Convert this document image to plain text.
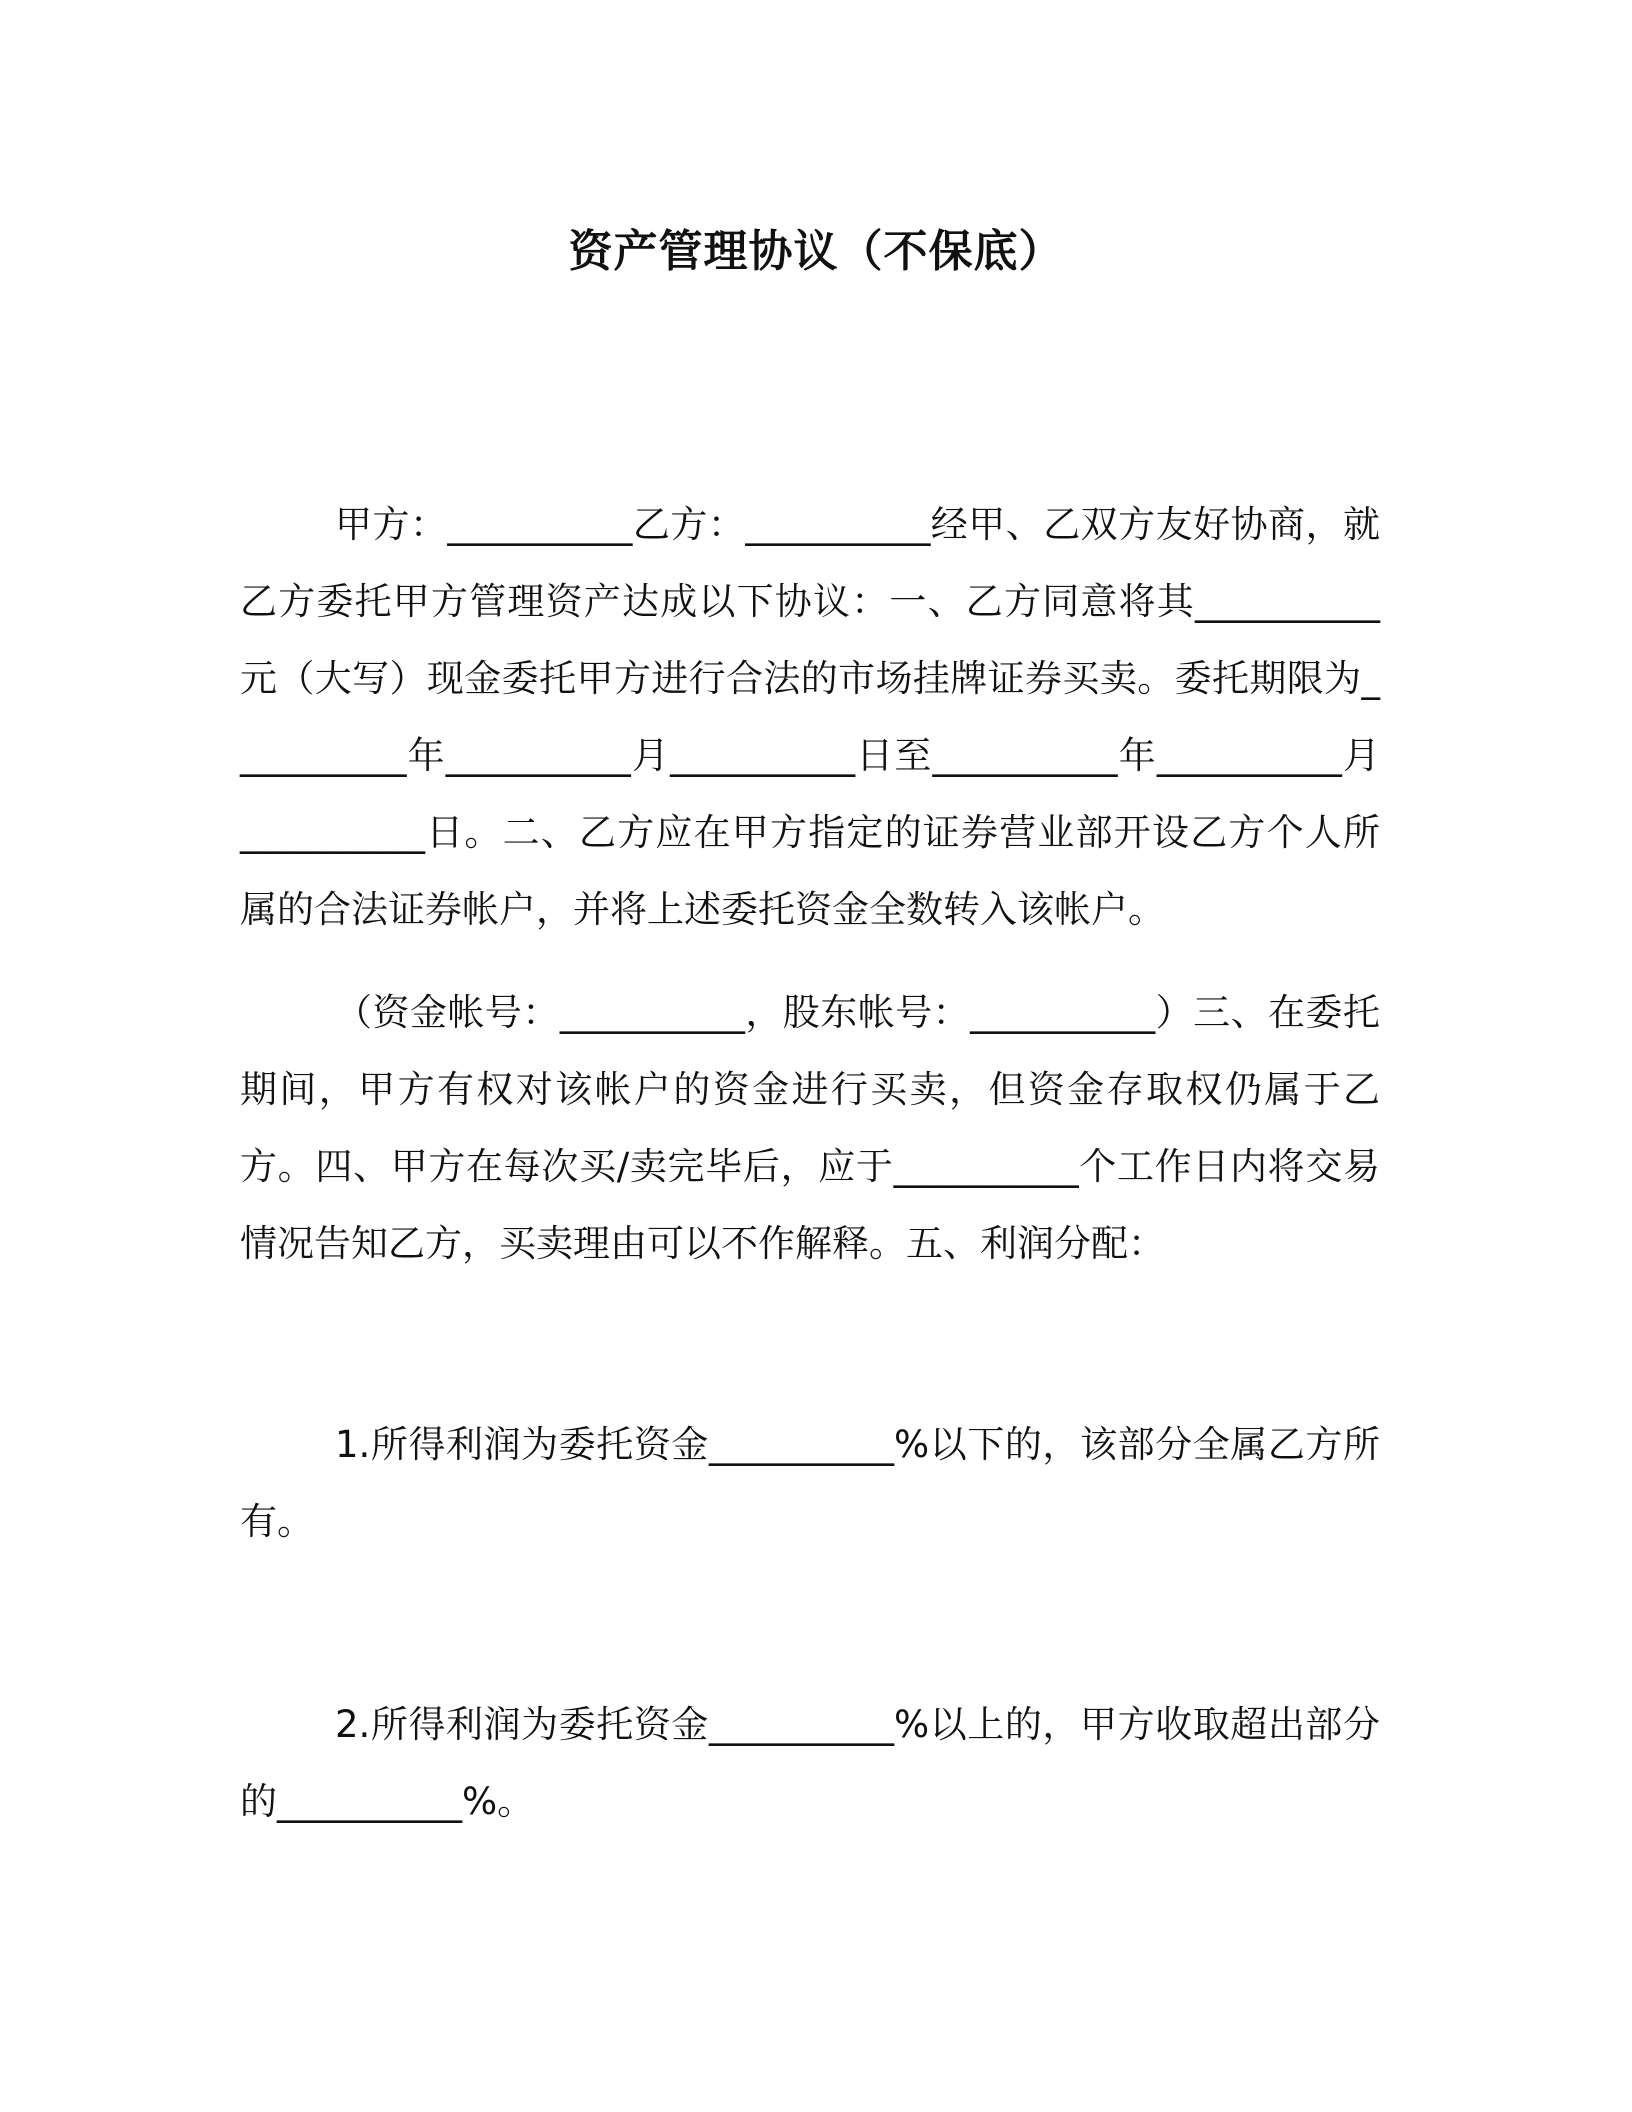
资产管理协议（不保底）
甲方：__________乙方：__________经甲、乙双方友好协商，就乙方委托甲方管理资产达成以下协议：一、乙方同意将其__________元（大写）现金委托甲方进行合法的市场挂牌证券买卖。委托期限为__________年__________月__________日至__________年__________月__________日。二、乙方应在甲方指定的证券营业部开设乙方个人所属的合法证券帐户，并将上述委托资金全数转入该帐户。
（资金帐号：__________，股东帐号：__________）三、在委托期间，甲方有权对该帐户的资金进行买卖，但资金存取权仍属于乙方。四、甲方在每次买/卖完毕后，应于__________个工作日内将交易情况告知乙方，买卖理由可以不作解释。五、利润分配：
1.所得利润为委托资金__________%以下的，该部分全属乙方所有。
2.所得利润为委托资金__________%以上的，甲方收取超出部分的__________%。
